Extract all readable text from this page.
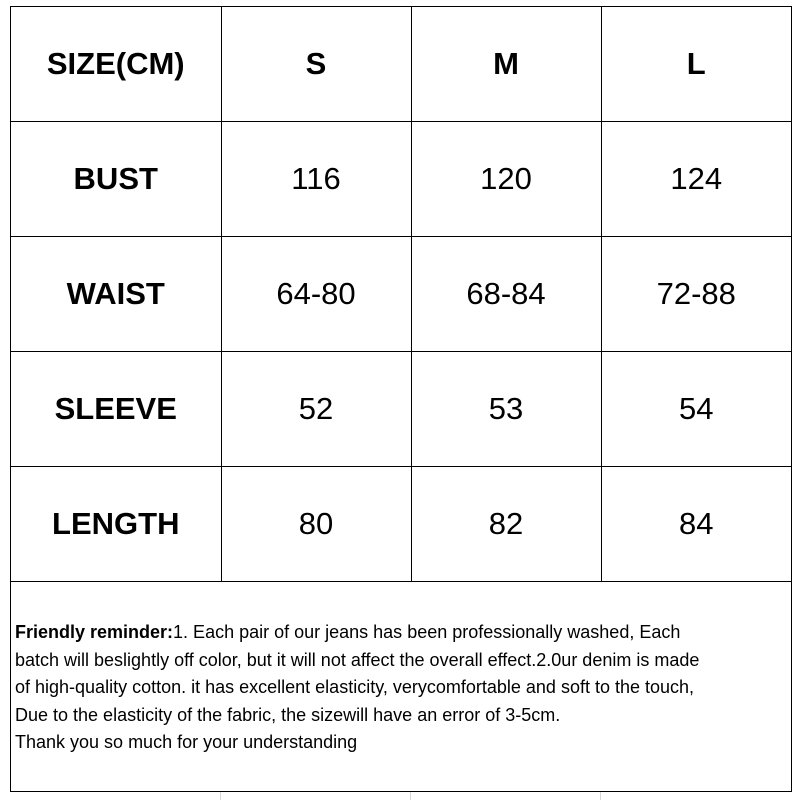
SIZE(CM)	S	M	L
BUST	116	120	124
WAIST	64-80	68-84	72-88
SLEEVE	52	53	54
LENGTH	80	82	84
Friendly reminder:1. Each pair of our jeans has been professionally washed, Each
batch will beslightly off color, but it will not affect the overall effect.2.0ur denim is made
of high-quality cotton. it has excellent elasticity, verycomfortable and soft to the touch,
Due to the elasticity of the fabric, the sizewill have an error of 3-5cm.
Thank you so much for your understanding
